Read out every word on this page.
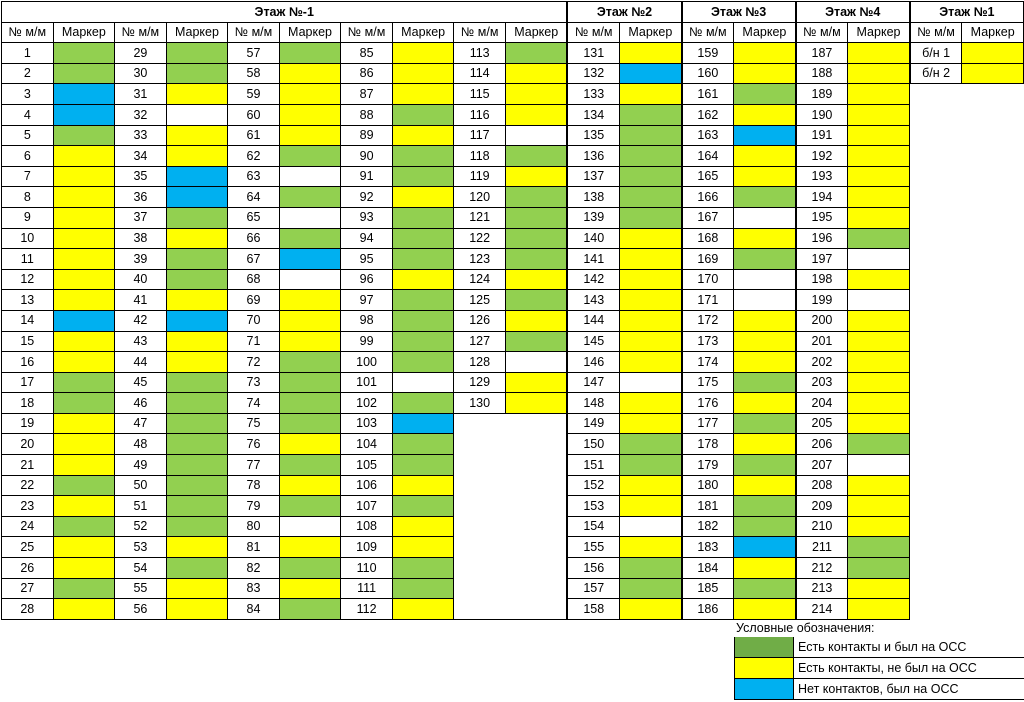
Этаж №-1										Этаж №2		Этаж №3		Этаж №4		Этаж №1	
№ м/м	Маркер	№ м/м	Маркер	№ м/м	Маркер	№ м/м	Маркер	№ м/м	Маркер	№ м/м	Маркер	№ м/м	Маркер	№ м/м	Маркер	№ м/м	Маркер
1		29		57		85		113		131		159		187		б/н 1	
2		30		58		86		114		132		160		188		б/н 2	
3		31		59		87		115		133		161		189			
4		32		60		88		116		134		162		190			
5		33		61		89		117		135		163		191			
6		34		62		90		118		136		164		192			
7		35		63		91		119		137		165		193			
8		36		64		92		120		138		166		194			
9		37		65		93		121		139		167		195			
10		38		66		94		122		140		168		196			
11		39		67		95		123		141		169		197			
12		40		68		96		124		142		170		198			
13		41		69		97		125		143		171		199			
14		42		70		98		126		144		172		200			
15		43		71		99		127		145		173		201			
16		44		72		100		128		146		174		202			
17		45		73		101		129		147		175		203			
18		46		74		102		130		148		176		204			
19		47		75		103				149		177		205			
20		48		76		104				150		178		206			
21		49		77		105				151		179		207			
22		50		78		106				152		180		208			
23		51		79		107				153		181		209			
24		52		80		108				154		182		210			
25		53		81		109				155		183		211			
26		54		82		110				156		184		212			
27		55		83		111				157		185		213			
28		56		84		112				158		186		214			
Условные обозначения:
Есть контакты и был на ОСС
Есть контакты, не был на ОСС
Нет контактов, был на ОСС
